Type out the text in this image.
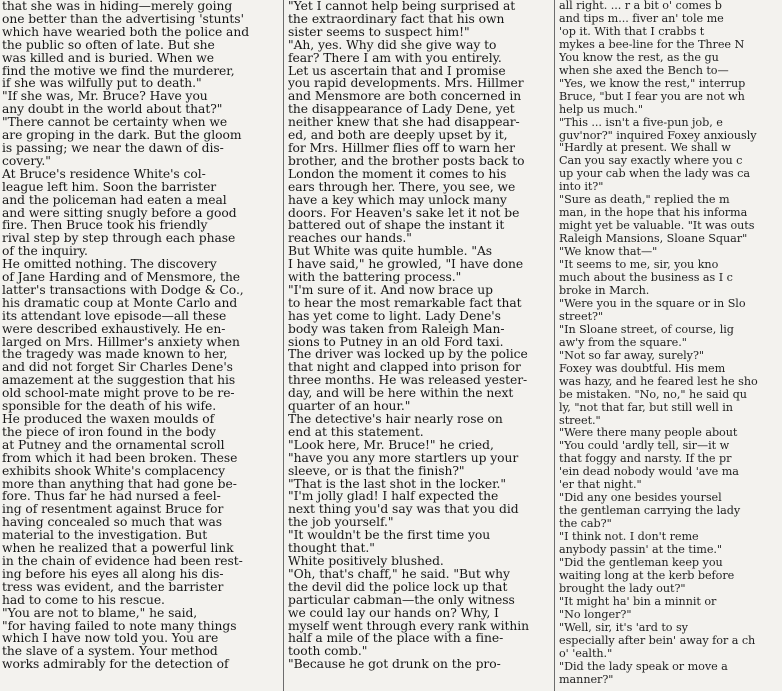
that she was in hiding—merely going

one better than the advertising 'stunts'

which have wearied both the police and

the public so often of late. But she

was killed and is buried. When we

find the motive we find the murderer,

if she was wilfully put to death."

"If she was, Mr. Bruce? Have you

any doubt in the world about that?"

"There cannot be certainty when we

are groping in the dark. But the gloom

is passing; we near the dawn of dis-

covery."

At Bruce's residence White's col-

league left him. Soon the barrister

and the policeman had eaten a meal

and were sitting snugly before a good

fire. Then Bruce took his friendly

rival step by step through each phase

of the inquiry.

He omitted nothing. The discovery

of Jane Harding and of Mensmore, the

latter's transactions with Dodge & Co.,

his dramatic coup at Monte Carlo and

its attendant love episode—all these

were described exhaustively. He en-

larged on Mrs. Hillmer's anxiety when

the tragedy was made known to her,

and did not forget Sir Charles Dene's

amazement at the suggestion that his

old school-mate might prove to be re-

sponsible for the death of his wife.

He produced the waxen moulds of

the piece of iron found in the body

at Putney and the ornamental scroll

from which it had been broken. These

exhibits shook White's complacency

more than anything that had gone be-

fore. Thus far he had nursed a feel-

ing of resentment against Bruce for

having concealed so much that was

material to the investigation. But

when he realized that a powerful link

in the chain of evidence had been rest-

ing before his eyes all along his dis-

tress was evident, and the barrister

had to come to his rescue.

"You are not to blame," he said,

"for having failed to note many things

which I have now told you. You are

the slave of a system. Your method

works admirably for the detection of

"Yet I cannot help being surprised at

the extraordinary fact that his own

sister seems to suspect him!"

"Ah, yes. Why did she give way to

fear? There I am with you entirely.

Let us ascertain that and I promise

you rapid developments. Mrs. Hillmer

and Mensmore are both concerned in

the disappearance of Lady Dene, yet

neither knew that she had disappear-

ed, and both are deeply upset by it,

for Mrs. Hillmer flies off to warn her

brother, and the brother posts back to

London the moment it comes to his

ears through her. There, you see, we

have a key which may unlock many

doors. For Heaven's sake let it not be

battered out of shape the instant it

reaches our hands."

But White was quite humble. "As

I have said," he growled, "I have done

with the battering process."

"I'm sure of it. And now brace up

to hear the most remarkable fact that

has yet come to light. Lady Dene's

body was taken from Raleigh Man-

sions to Putney in an old Ford taxi.

The driver was locked up by the police

that night and clapped into prison for

three months. He was released yester-

day, and will be here within the next

quarter of an hour."

The detective's hair nearly rose on

end at this statement.

"Look here, Mr. Bruce!" he cried,

"have you any more startlers up your

sleeve, or is that the finish?"

"That is the last shot in the locker."

"I'm jolly glad! I half expected the

next thing you'd say was that you did

the job yourself."

"It wouldn't be the first time you

thought that."

White positively blushed.

"Oh, that's chaff," he said. "But why

the devil did the police lock up that

particular cabman—the only witness

we could lay our hands on? Why, I

myself went through every rank within

half a mile of the place with a fine-

tooth comb."

"Because he got drunk on the pro-

all right. ... r a bit o' comes b

and tips m... fiver an' tole me

'op it. With that I crabbs t

mykes a bee-line for the Three N

You know the rest, as the gu

when she axed the Bench to—

"Yes, we know the rest," interrup

Bruce, "but I fear you are not wh

help us much."

"This ... isn't a five-pun job, e

guv'nor?" inquired Foxey anxiously

"Hardly at present. We shall w

Can you say exactly where you c

up your cab when the lady was ca

into it?"

"Sure as death," replied the m

man, in the hope that his informa

might yet be valuable. "It was outs

Raleigh Mansions, Sloane Squar"

"We know that—"

"It seems to me, sir, you kno

much about the business as I c

broke in March.

"Were you in the square or in Slo

street?"

"In Sloane street, of course, lig

aw'y from the square."

"Not so far away, surely?"

Foxey was doubtful. His mem

was hazy, and he feared lest he sho

be mistaken. "No, no," he said qu

ly, "not that far, but still well in

street."

"Were there many people about

"You could 'ardly tell, sir—it w

that foggy and narsty. If the pr

'ein dead nobody would 'ave ma

'er that night."

"Did any one besides yoursel

the gentleman carrying the lady

the cab?"

"I think not. I don't reme

anybody passin' at the time."

"Did the gentleman keep you

waiting long at the kerb before

brought the lady out?"

"It might ha' bin a minnit or

"No longer?"

"Well, sir, it's 'ard to sy

especially after bein' away for a ch

o' 'ealth."

"Did the lady speak or move a

manner?"
